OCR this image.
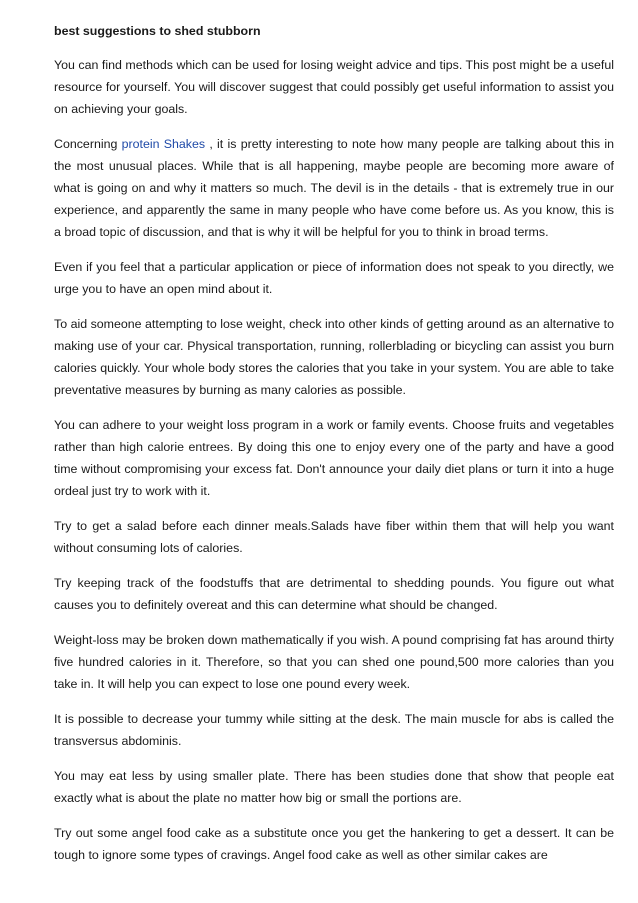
best suggestions to shed stubborn

You can find methods which can be used for losing weight advice and tips. This post might be a useful resource for yourself. You will discover suggest that could possibly get useful information to assist you on achieving your goals.

Concerning protein Shakes , it is pretty interesting to note how many people are talking about this in the most unusual places. While that is all happening, maybe people are becoming more aware of what is going on and why it matters so much. The devil is in the details - that is extremely true in our experience, and apparently the same in many people who have come before us. As you know, this is a broad topic of discussion, and that is why it will be helpful for you to think in broad terms.

Even if you feel that a particular application or piece of information does not speak to you directly, we urge you to have an open mind about it.

To aid someone attempting to lose weight, check into other kinds of getting around as an alternative to making use of your car. Physical transportation, running, rollerblading or bicycling can assist you burn calories quickly. Your whole body stores the calories that you take in your system. You are able to take preventative measures by burning as many calories as possible.

You can adhere to your weight loss program in a work or family events. Choose fruits and vegetables rather than high calorie entrees. By doing this one to enjoy every one of the party and have a good time without compromising your excess fat. Don't announce your daily diet plans or turn it into a huge ordeal just try to work with it.

Try to get a salad before each dinner meals.Salads have fiber within them that will help you want without consuming lots of calories.

Try keeping track of the foodstuffs that are detrimental to shedding pounds. You figure out what causes you to definitely overeat and this can determine what should be changed.

Weight-loss may be broken down mathematically if you wish. A pound comprising fat has around thirty five hundred calories in it. Therefore, so that you can shed one pound,500 more calories than you take in. It will help you can expect to lose one pound every week.

It is possible to decrease your tummy while sitting at the desk. The main muscle for abs is called the transversus abdominis.

You may eat less by using smaller plate. There has been studies done that show that people eat exactly what is about the plate no matter how big or small the portions are.

Try out some angel food cake as a substitute once you get the hankering to get a dessert. It can be tough to ignore some types of cravings. Angel food cake as well as other similar cakes are
